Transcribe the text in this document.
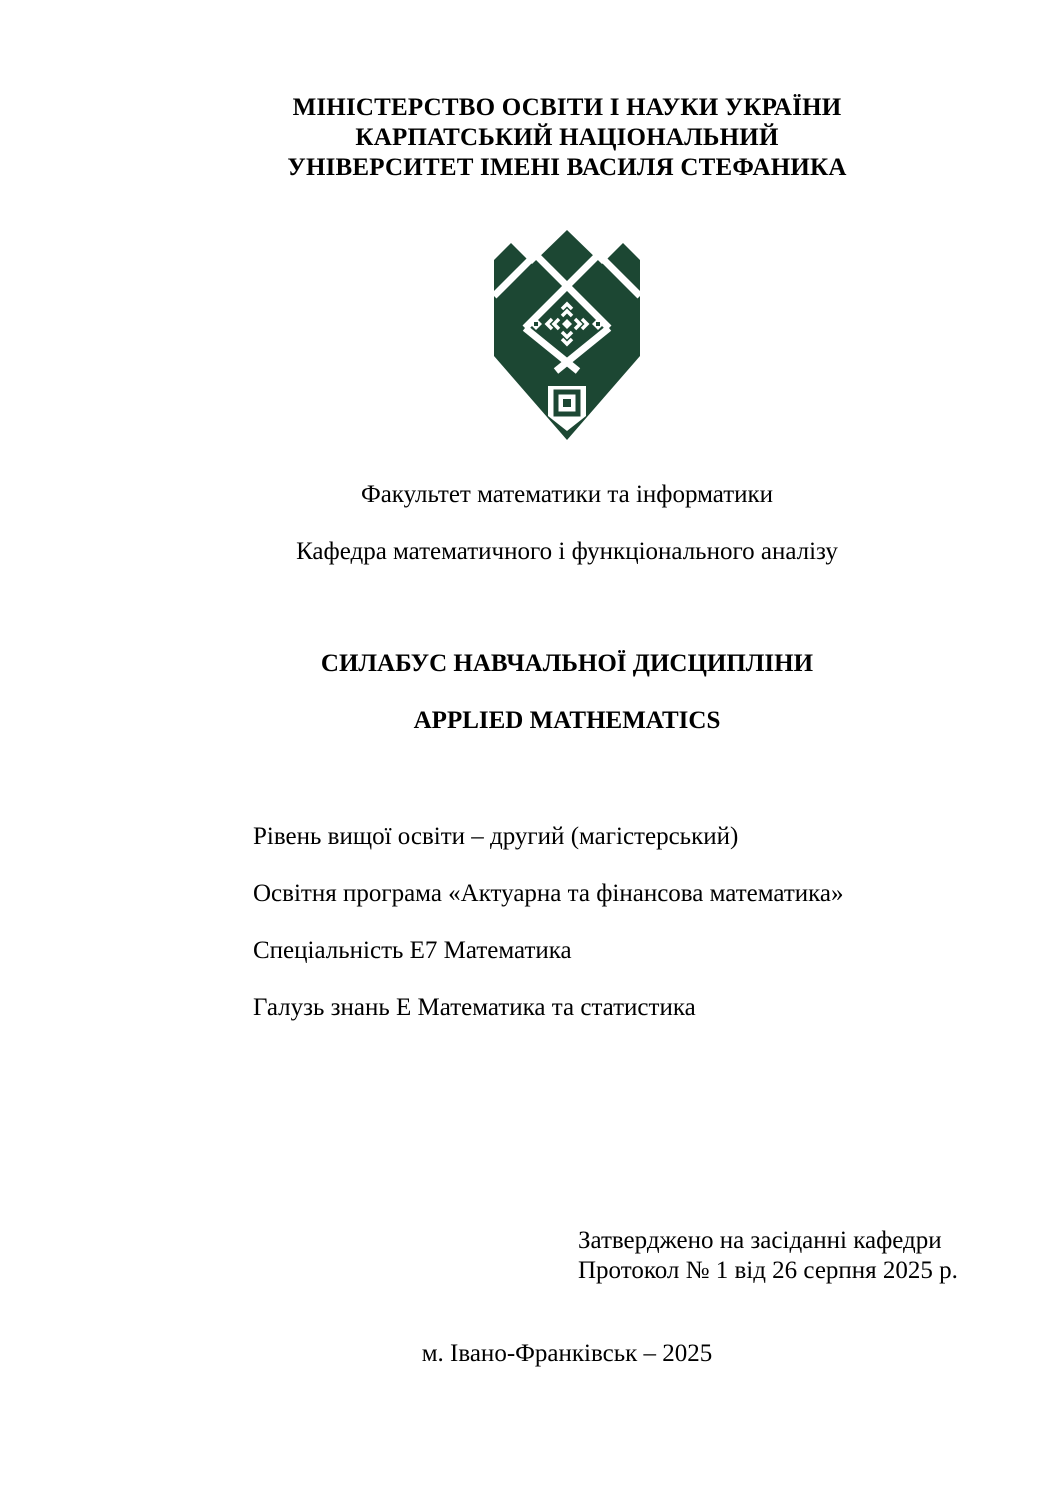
МІНІСТЕРСТВО ОСВІТИ І НАУКИ УКРАЇНИ
КАРПАТСЬКИЙ НАЦІОНАЛЬНИЙ
УНІВЕРСИТЕТ ІМЕНІ ВАСИЛЯ СТЕФАНИКА
Факультет математики та інформатики
Кафедра математичного і функціонального аналізу
СИЛАБУС НАВЧАЛЬНОЇ ДИСЦИПЛІНИ
APPLIED MATHEMATICS
Рівень вищої освіти – другий (магістерський)
Освітня програма «Актуарна та фінансова математика»
Спеціальність Е7 Математика
Галузь знань Е Математика та статистика
Затверджено на засіданні кафедри
Протокол № 1 від 26 серпня 2025 р.
м. Івано-Франківськ – 2025
